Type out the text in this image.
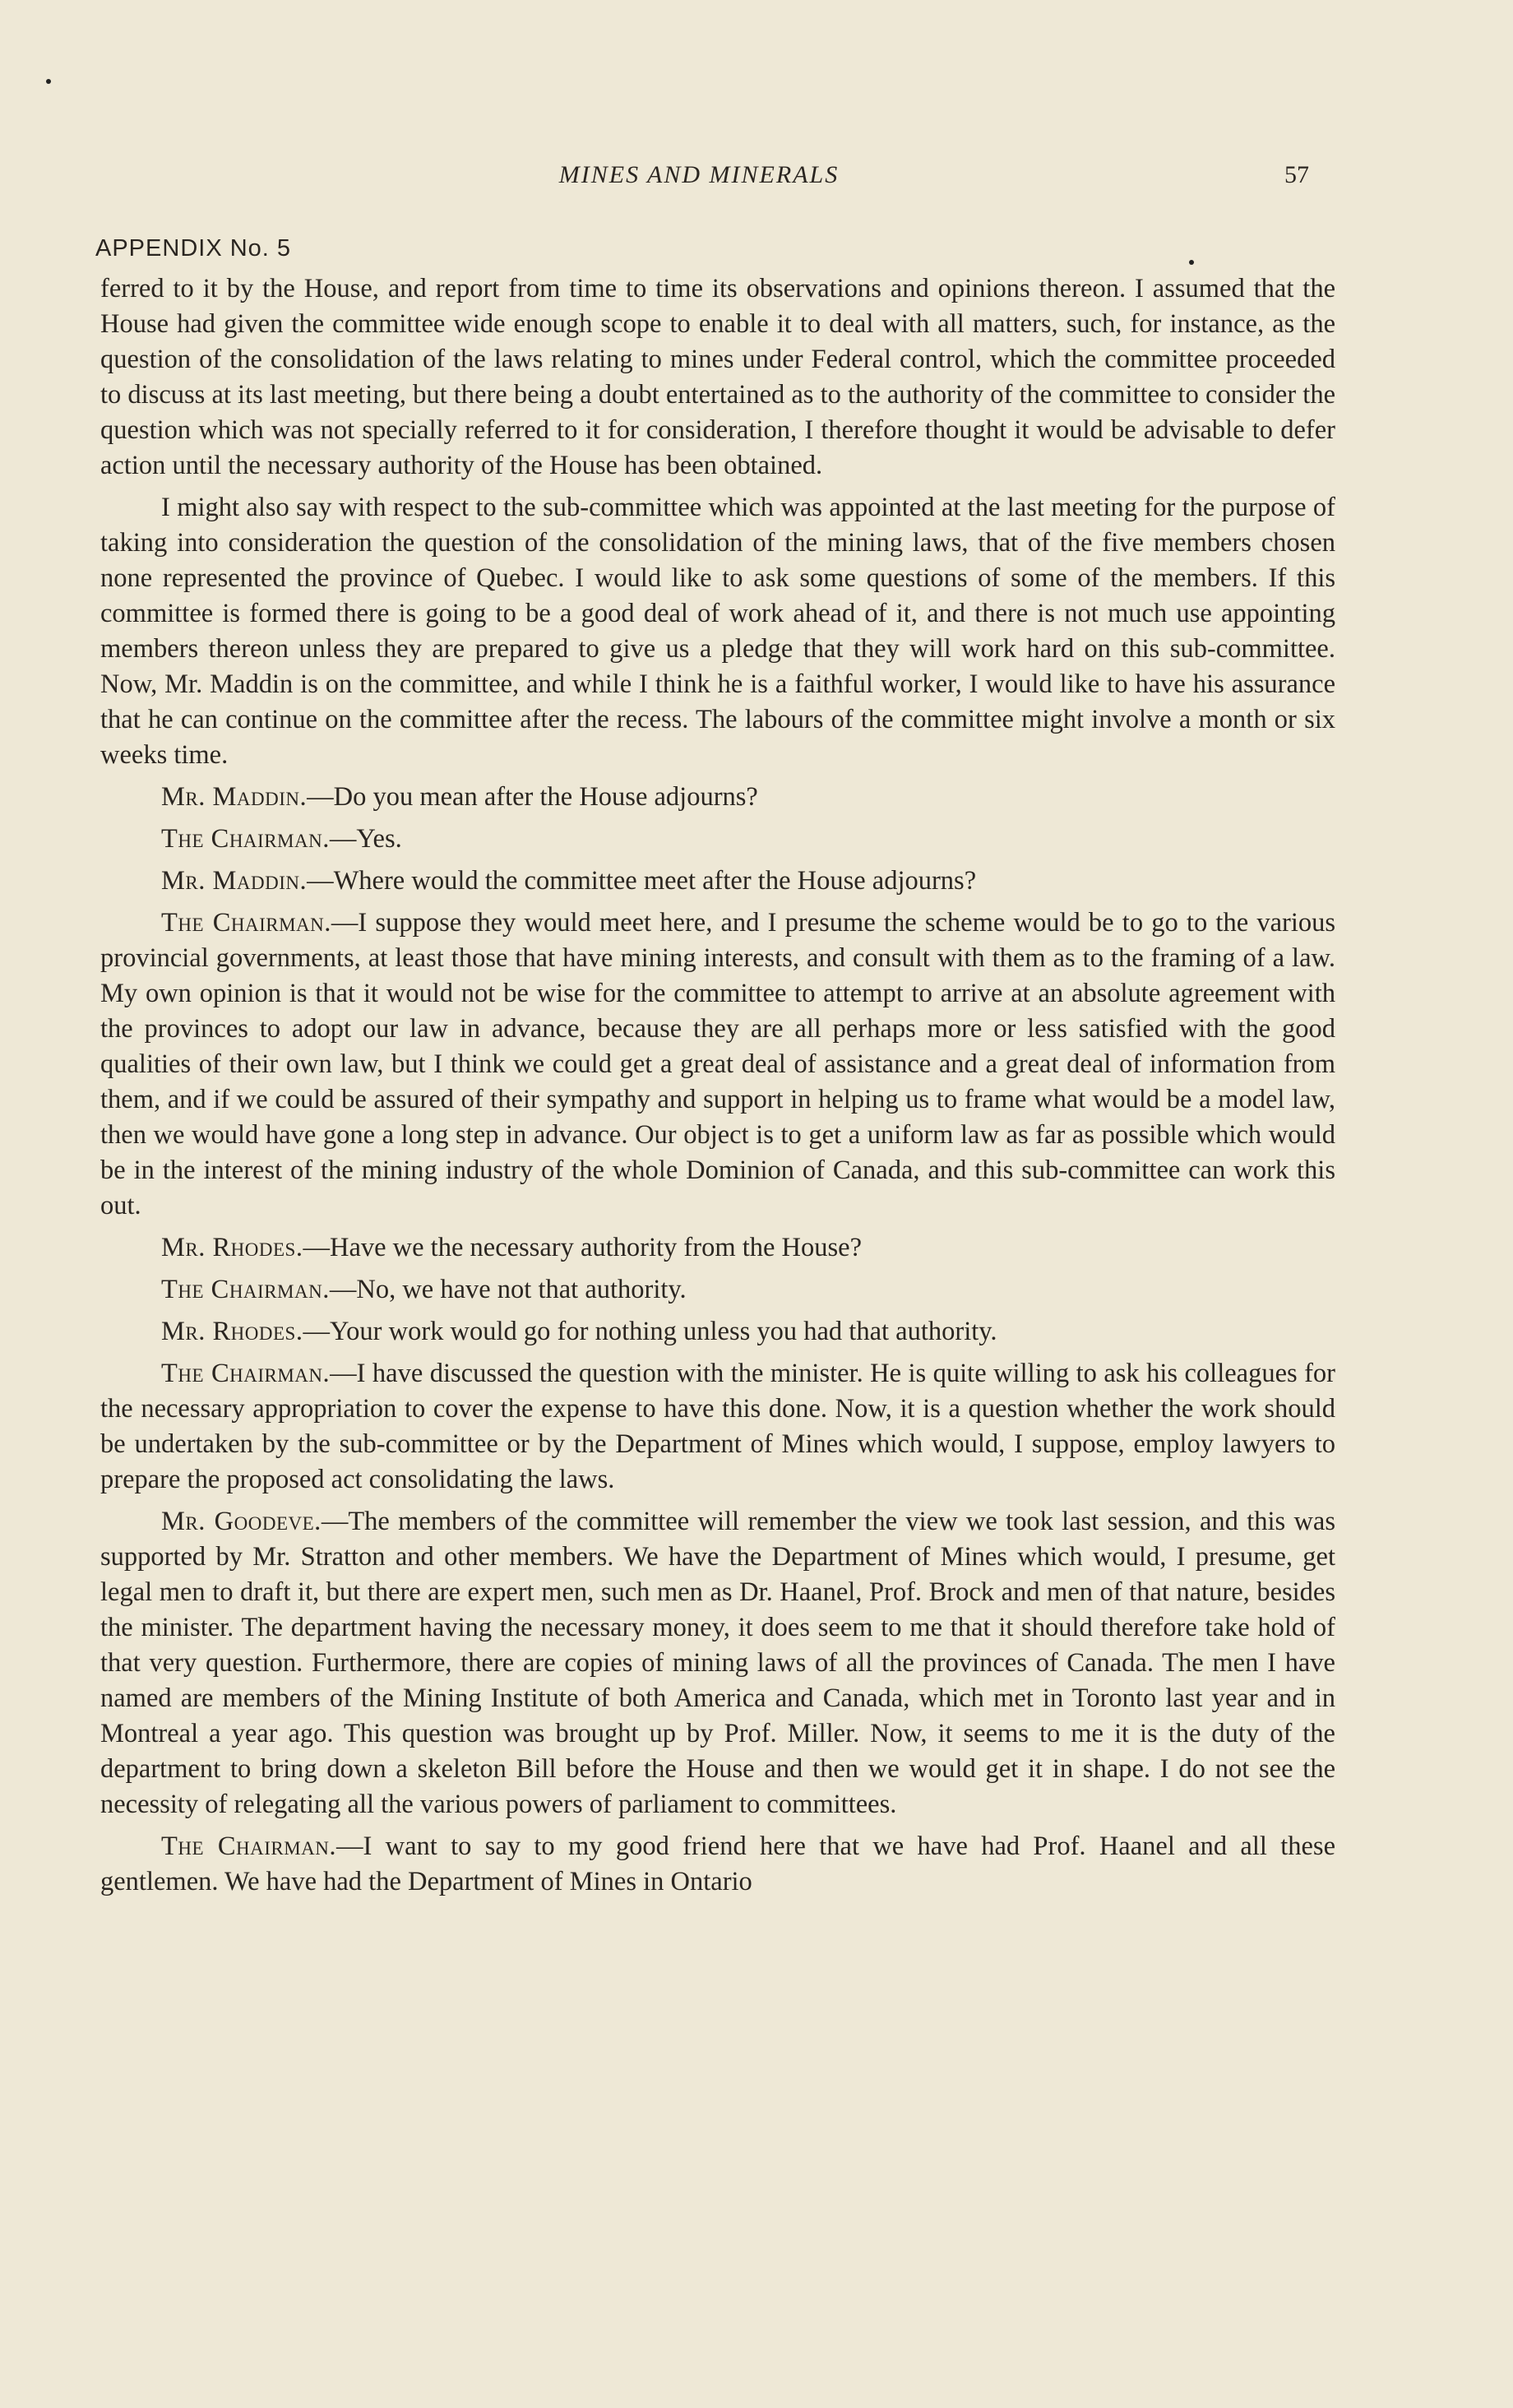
MINES AND MINERALS	57
APPENDIX No. 5

ferred to it by the House, and report from time to time its observations and opinions thereon. I assumed that the House had given the committee wide enough scope to enable it to deal with all matters, such, for instance, as the question of the consolidation of the laws relating to mines under Federal control, which the committee proceeded to discuss at its last meeting, but there being a doubt entertained as to the authority of the committee to consider the question which was not specially referred to it for consideration, I therefore thought it would be advisable to defer action until the necessary authority of the House has been obtained.

I might also say with respect to the sub-committee which was appointed at the last meeting for the purpose of taking into consideration the question of the consolidation of the mining laws, that of the five members chosen none represented the province of Quebec. I would like to ask some questions of some of the members. If this committee is formed there is going to be a good deal of work ahead of it, and there is not much use appointing members thereon unless they are prepared to give us a pledge that they will work hard on this sub-committee. Now, Mr. Maddin is on the committee, and while I think he is a faithful worker, I would like to have his assurance that he can continue on the committee after the recess. The labours of the committee might involve a month or six weeks time.

Mr. Maddin.—Do you mean after the House adjourns?

The Chairman.—Yes.

Mr. Maddin.—Where would the committee meet after the House adjourns?

The Chairman.—I suppose they would meet here, and I presume the scheme would be to go to the various provincial governments, at least those that have mining interests, and consult with them as to the framing of a law. My own opinion is that it would not be wise for the committee to attempt to arrive at an absolute agreement with the provinces to adopt our law in advance, because they are all perhaps more or less satisfied with the good qualities of their own law, but I think we could get a great deal of assistance and a great deal of information from them, and if we could be assured of their sympathy and support in helping us to frame what would be a model law, then we would have gone a long step in advance. Our object is to get a uniform law as far as possible which would be in the interest of the mining industry of the whole Dominion of Canada, and this sub-committee can work this out.

Mr. Rhodes.—Have we the necessary authority from the House?

The Chairman.—No, we have not that authority.

Mr. Rhodes.—Your work would go for nothing unless you had that authority.

The Chairman.—I have discussed the question with the minister. He is quite willing to ask his colleagues for the necessary appropriation to cover the expense to have this done. Now, it is a question whether the work should be undertaken by the sub-committee or by the Department of Mines which would, I suppose, employ lawyers to prepare the proposed act consolidating the laws.

Mr. Goodeve.—The members of the committee will remember the view we took last session, and this was supported by Mr. Stratton and other members. We have the Department of Mines which would, I presume, get legal men to draft it, but there are expert men, such men as Dr. Haanel, Prof. Brock and men of that nature, besides the minister. The department having the necessary money, it does seem to me that it should therefore take hold of that very question. Furthermore, there are copies of mining laws of all the provinces of Canada. The men I have named are members of the Mining Institute of both America and Canada, which met in Toronto last year and in Montreal a year ago. This question was brought up by Prof. Miller. Now, it seems to me it is the duty of the department to bring down a skeleton Bill before the House and then we would get it in shape. I do not see the necessity of relegating all the various powers of parliament to committees.

The Chairman.—I want to say to my good friend here that we have had Prof. Haanel and all these gentlemen. We have had the Department of Mines in Ontario
